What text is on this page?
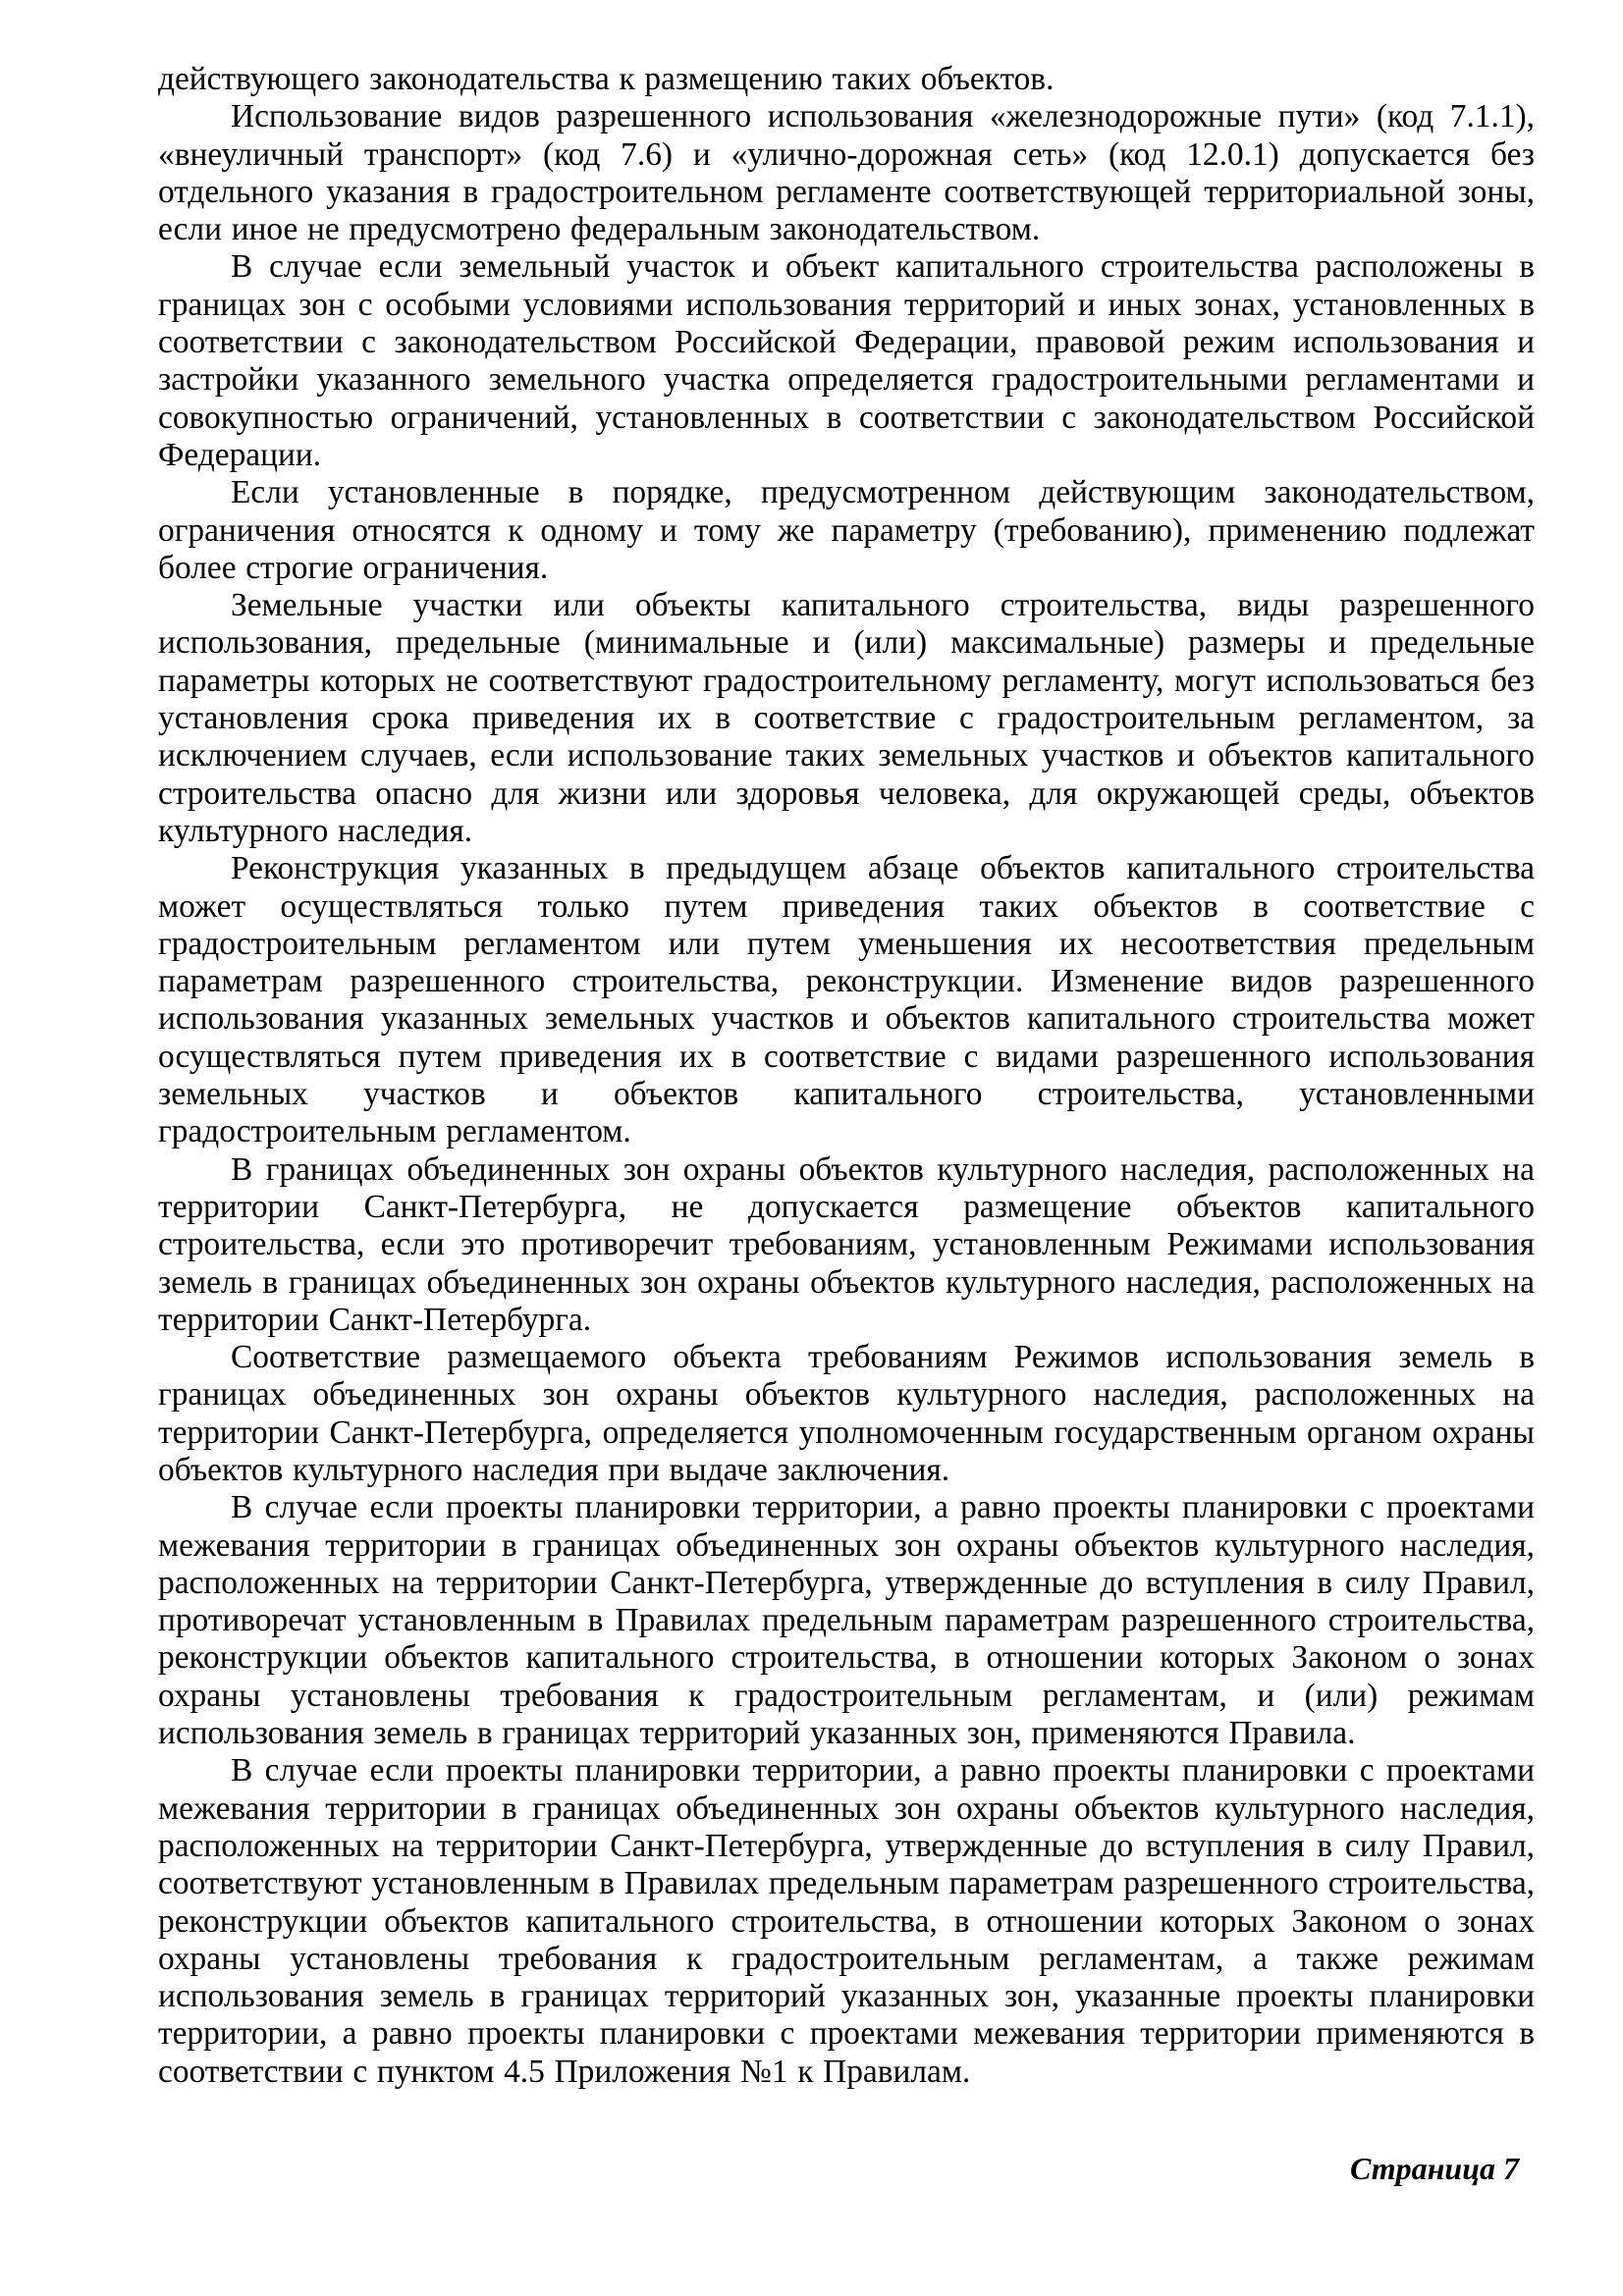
действующего законодательства к размещению таких объектов.

Использование видов разрешенного использования «железнодорожные пути» (код 7.1.1), «внеуличный транспорт» (код 7.6) и «улично-дорожная сеть» (код 12.0.1) допускается без отдельного указания в градостроительном регламенте соответствующей территориальной зоны, если иное не предусмотрено федеральным законодательством.

В случае если земельный участок и объект капитального строительства расположены в границах зон с особыми условиями использования территорий и иных зонах, установленных в соответствии с законодательством Российской Федерации, правовой режим использования и застройки указанного земельного участка определяется градостроительными регламентами и совокупностью ограничений, установленных в соответствии с законодательством Российской Федерации.

Если установленные в порядке, предусмотренном действующим законодательством, ограничения относятся к одному и тому же параметру (требованию), применению подлежат более строгие ограничения.

Земельные участки или объекты капитального строительства, виды разрешенного использования, предельные (минимальные и (или) максимальные) размеры и предельные параметры которых не соответствуют градостроительному регламенту, могут использоваться без установления срока приведения их в соответствие с градостроительным регламентом, за исключением случаев, если использование таких земельных участков и объектов капитального строительства опасно для жизни или здоровья человека, для окружающей среды, объектов культурного наследия.

Реконструкция указанных в предыдущем абзаце объектов капитального строительства может осуществляться только путем приведения таких объектов в соответствие с градостроительным регламентом или путем уменьшения их несоответствия предельным параметрам разрешенного строительства, реконструкции. Изменение видов разрешенного использования указанных земельных участков и объектов капитального строительства может осуществляться путем приведения их в соответствие с видами разрешенного использования земельных участков и объектов капитального строительства, установленными градостроительным регламентом.

В границах объединенных зон охраны объектов культурного наследия, расположенных на территории Санкт-Петербурга, не допускается размещение объектов капитального строительства, если это противоречит требованиям, установленным Режимами использования земель в границах объединенных зон охраны объектов культурного наследия, расположенных на территории Санкт-Петербурга.

Соответствие размещаемого объекта требованиям Режимов использования земель в границах объединенных зон охраны объектов культурного наследия, расположенных на территории Санкт-Петербурга, определяется уполномоченным государственным органом охраны объектов культурного наследия при выдаче заключения.

В случае если проекты планировки территории, а равно проекты планировки с проектами межевания территории в границах объединенных зон охраны объектов культурного наследия, расположенных на территории Санкт-Петербурга, утвержденные до вступления в силу Правил, противоречат установленным в Правилах предельным параметрам разрешенного строительства, реконструкции объектов капитального строительства, в отношении которых Законом о зонах охраны установлены требования к градостроительным регламентам, и (или) режимам использования земель в границах территорий указанных зон, применяются Правила.

В случае если проекты планировки территории, а равно проекты планировки с проектами межевания территории в границах объединенных зон охраны объектов культурного наследия, расположенных на территории Санкт-Петербурга, утвержденные до вступления в силу Правил, соответствуют установленным в Правилах предельным параметрам разрешенного строительства, реконструкции объектов капитального строительства, в отношении которых Законом о зонах охраны установлены требования к градостроительным регламентам, а также режимам использования земель в границах территорий указанных зон, указанные проекты планировки территории, а равно проекты планировки с проектами межевания территории применяются в соответствии с пунктом 4.5 Приложения №1 к Правилам.

Страница 7
